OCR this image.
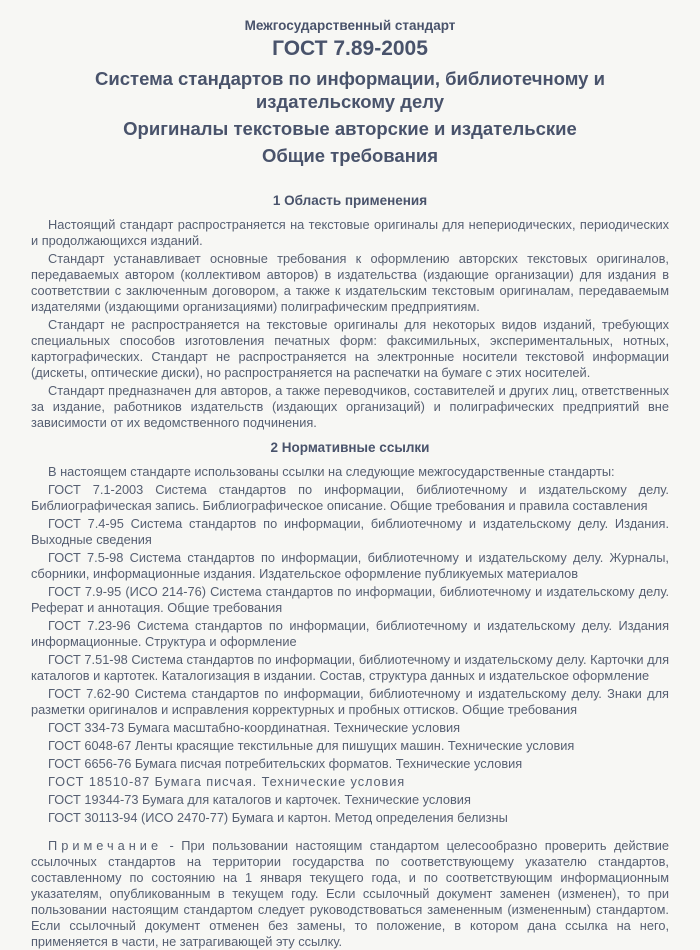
Межгосударственный стандарт

ГОСТ 7.89-2005
Система стандартов по информации, библиотечному и издательскому делу
Оригиналы текстовые авторские и издательские
Общие требования
1 Область применения

Настоящий стандарт распространяется на текстовые оригиналы для непериодических, периодических и продолжающихся изданий.

Стандарт устанавливает основные требования к оформлению авторских текстовых оригиналов, передаваемых автором (коллективом авторов) в издательства (издающие организации) для издания в соответствии с заключенным договором, а также к издательским текстовым оригиналам, передаваемым издателями (издающими организациями) полиграфическим предприятиям.

Стандарт не распространяется на текстовые оригиналы для некоторых видов изданий, требующих специальных способов изготовления печатных форм: факсимильных, экспериментальных, нотных, картографических. Стандарт не распространяется на электронные носители текстовой информации (дискеты, оптические диски), но распространяется на распечатки на бумаге с этих носителей.

Стандарт предназначен для авторов, а также переводчиков, составителей и других лиц, ответственных за издание, работников издательств (издающих организаций) и полиграфических предприятий вне зависимости от их ведомственного подчинения.

2 Нормативные ссылки

В настоящем стандарте использованы ссылки на следующие межгосударственные стандарты:

ГОСТ 7.1-2003 Система стандартов по информации, библиотечному и издательскому делу. Библиографическая запись. Библиографическое описание. Общие требования и правила составления

ГОСТ 7.4-95 Система стандартов по информации, библиотечному и издательскому делу. Издания. Выходные сведения

ГОСТ 7.5-98 Система стандартов по информации, библиотечному и издательскому делу. Журналы, сборники, информационные издания. Издательское оформление публикуемых материалов

ГОСТ 7.9-95 (ИСО 214-76) Система стандартов по информации, библиотечному и издательскому делу. Реферат и аннотация. Общие требования

ГОСТ 7.23-96 Система стандартов по информации, библиотечному и издательскому делу. Издания информационные. Структура и оформление

ГОСТ 7.51-98 Система стандартов по информации, библиотечному и издательскому делу. Карточки для каталогов и картотек. Каталогизация в издании. Состав, структура данных и издательское оформление

ГОСТ 7.62-90 Система стандартов по информации, библиотечному и издательскому делу. Знаки для разметки оригиналов и исправления корректурных и пробных оттисков. Общие требования

ГОСТ 334-73 Бумага масштабно-координатная. Технические условия

ГОСТ 6048-67 Ленты красящие текстильные для пишущих машин. Технические условия

ГОСТ 6656-76 Бумага писчая потребительских форматов. Технические условия

ГОСТ 18510-87 Бумага писчая. Технические условия

ГОСТ 19344-73 Бумага для каталогов и карточек. Технические условия

ГОСТ 30113-94 (ИСО 2470-77) Бумага и картон. Метод определения белизны

Примечание - При пользовании настоящим стандартом целесообразно проверить действие ссылочных стандартов на территории государства по соответствующему указателю стандартов, составленному по состоянию на 1 января текущего года, и по соответствующим информационным указателям, опубликованным в текущем году. Если ссылочный документ заменен (изменен), то при пользовании настоящим стандартом следует руководствоваться замененным (измененным) стандартом. Если ссылочный документ отменен без замены, то положение, в котором дана ссылка на него, применяется в части, не затрагивающей эту ссылку.
